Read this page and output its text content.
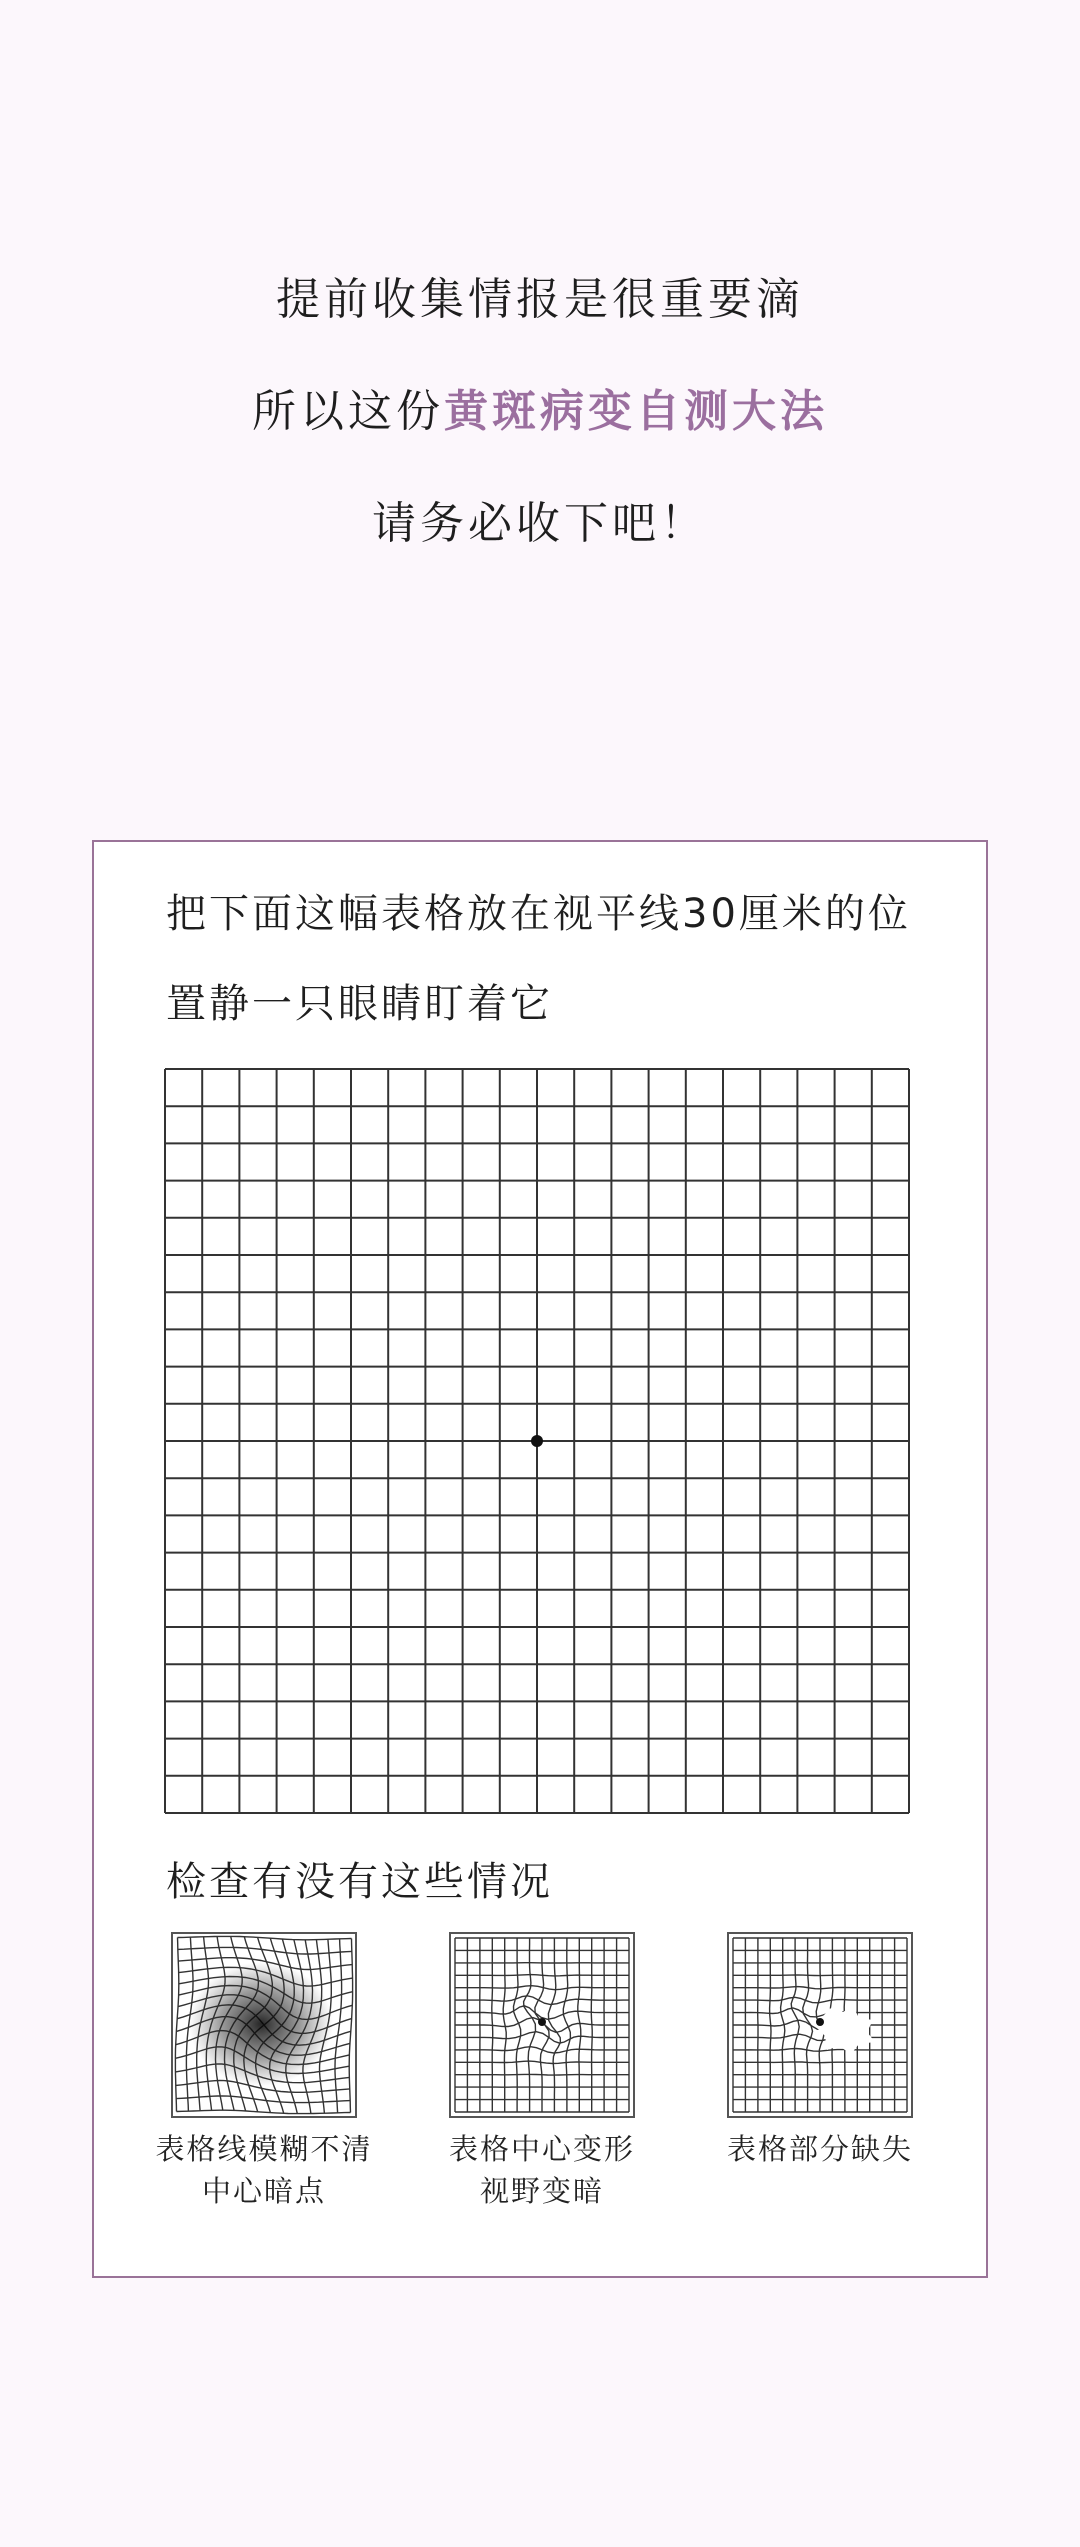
提前收集情报是很重要滴
所以这份黄斑病变自测大法
请务必收下吧！
把下面这幅表格放在视平线30厘米的位
置静一只眼睛盯着它
检查有没有这些情况
表格线模糊不清
中心暗点
表格中心变形
视野变暗
表格部分缺失
